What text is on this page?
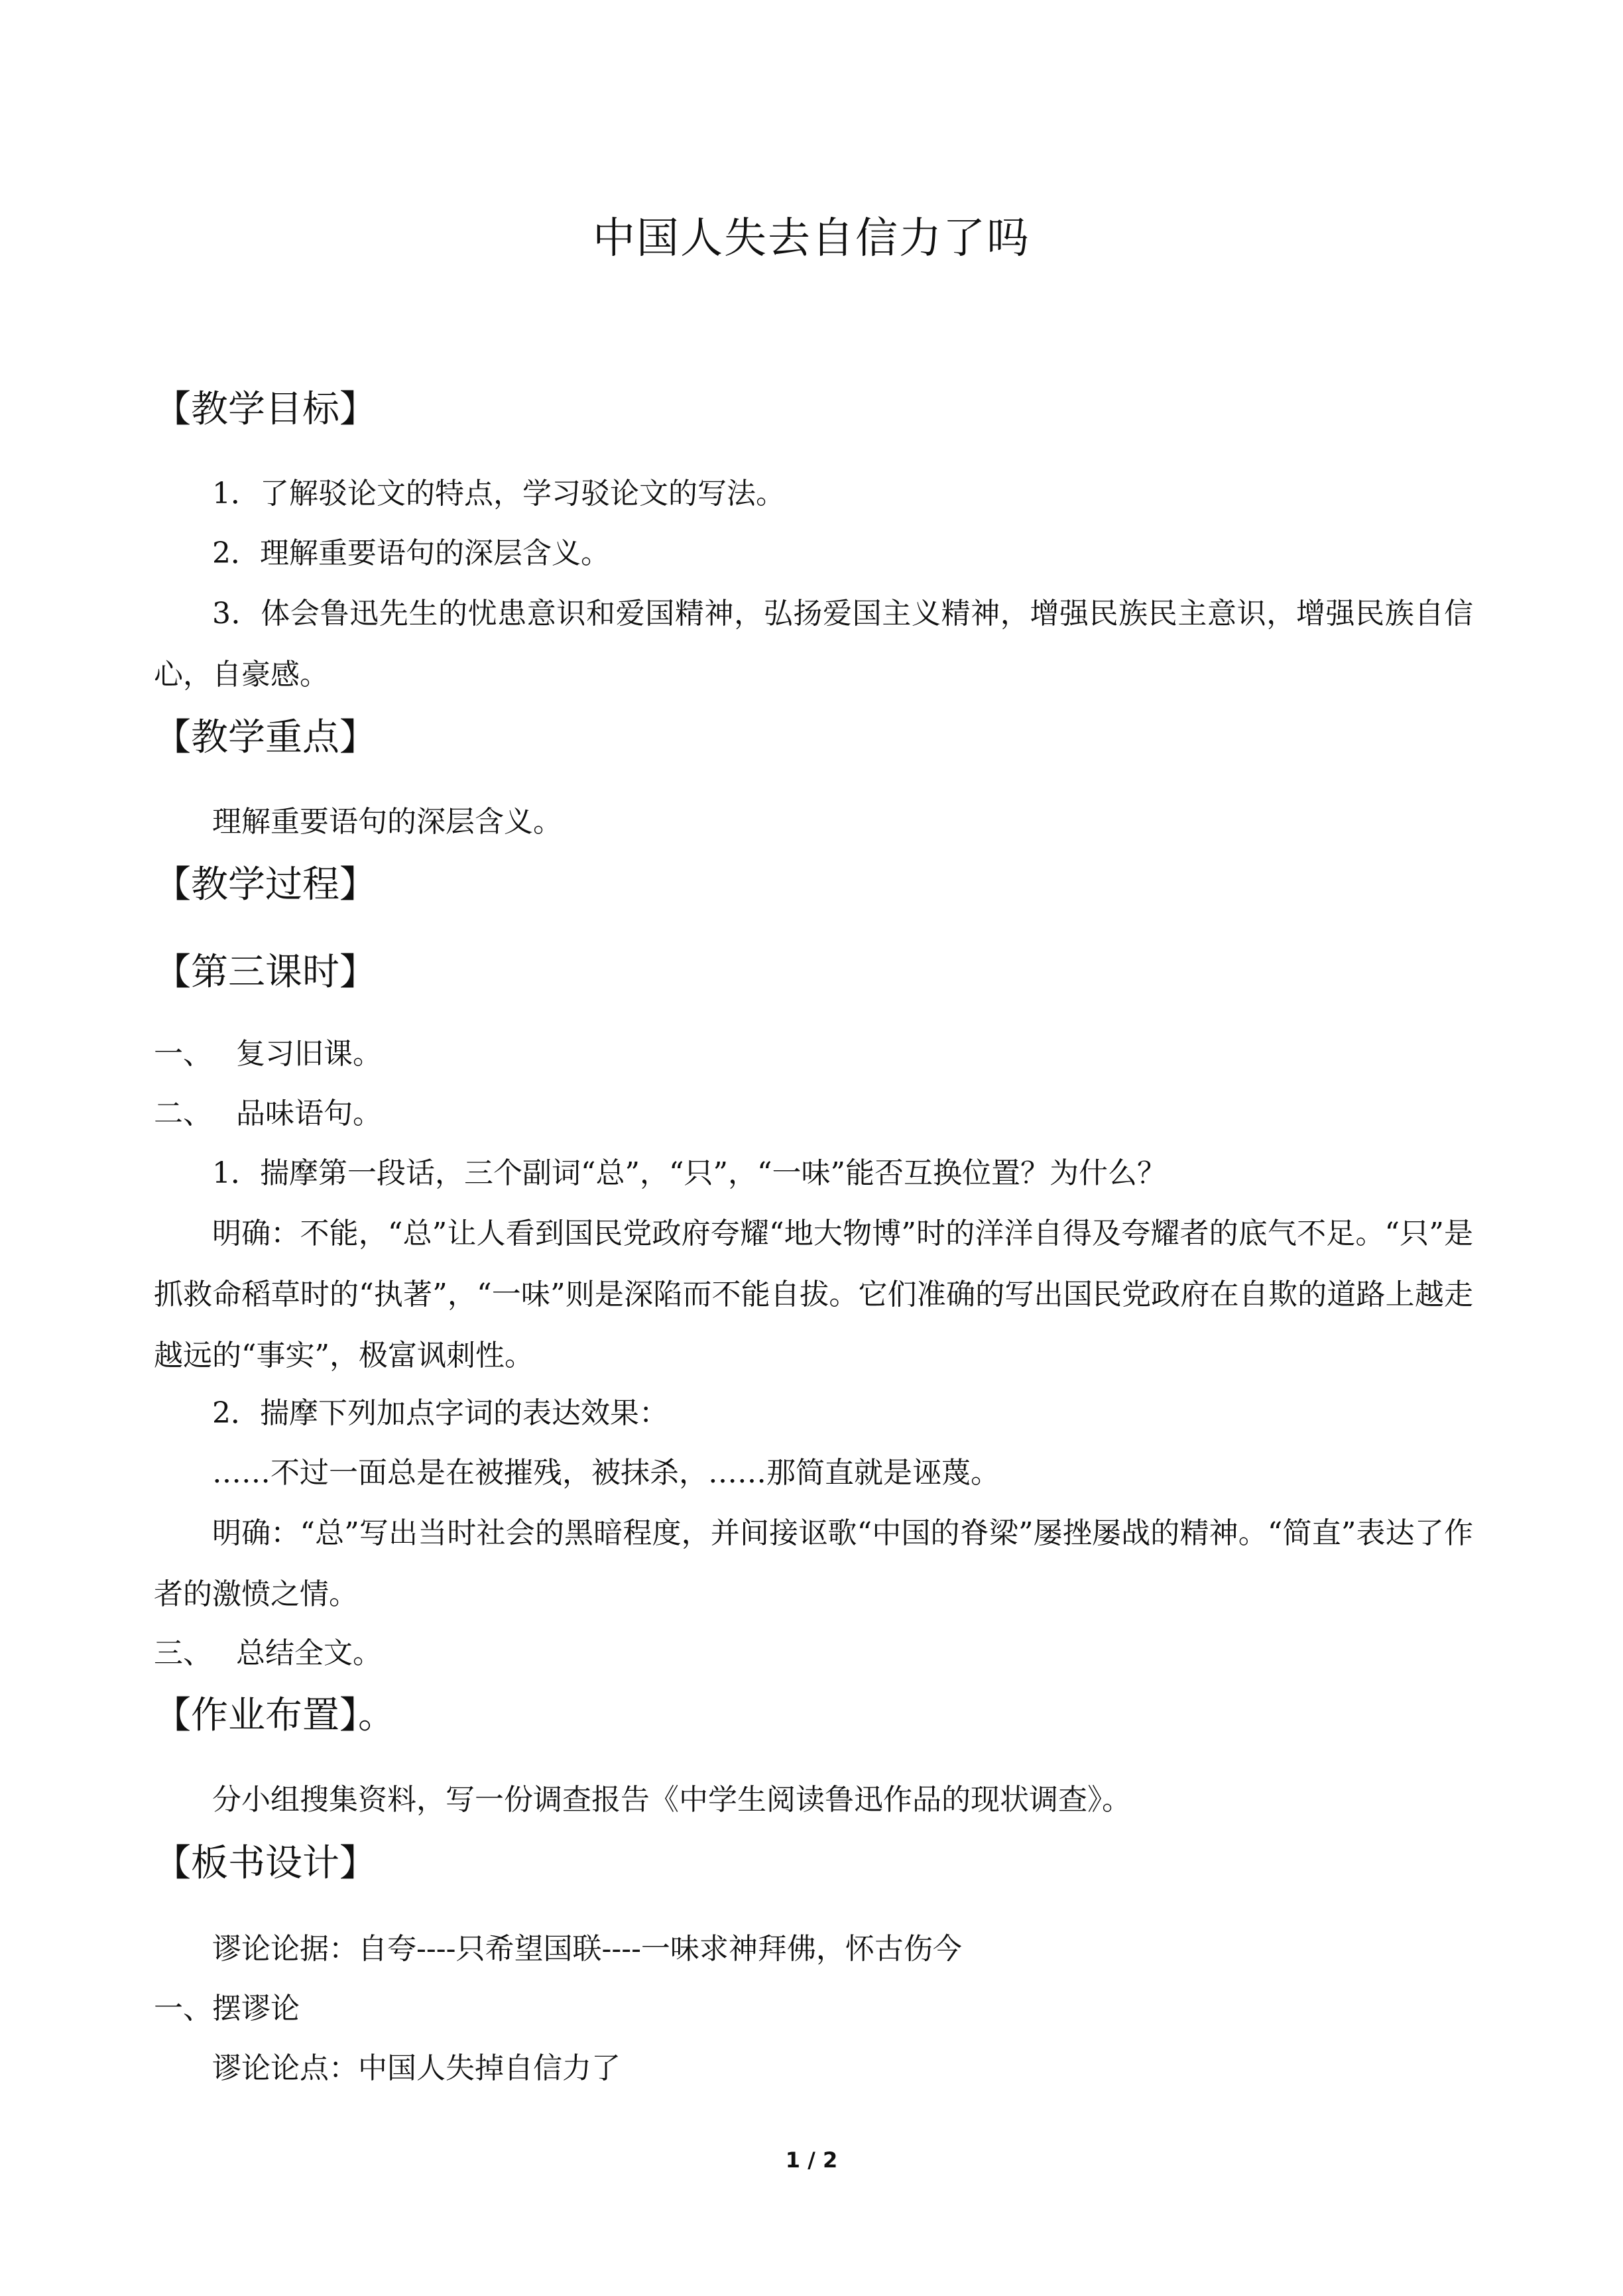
中国人失去自信力了吗
【教学目标】
1．了解驳论文的特点，学习驳论文的写法。
2．理解重要语句的深层含义。
3．体会鲁迅先生的忧患意识和爱国精神，弘扬爱国主义精神，增强民族民主意识，增强民族自信心，自豪感。
【教学重点】
理解重要语句的深层含义。
【教学过程】
【第三课时】
一、 复习旧课。
二、 品味语句。
1．揣摩第一段话，三个副词“总”，“只”，“一味”能否互换位置？为什么？
明确：不能，“总”让人看到国民党政府夸耀“地大物博”时的洋洋自得及夸耀者的底气不足。“只”是抓救命稻草时的“执著”，“一味”则是深陷而不能自拔。它们准确的写出国民党政府在自欺的道路上越走越远的“事实”，极富讽刺性。
2．揣摩下列加点字词的表达效果：
……不过一面总是在被摧残，被抹杀，……那简直就是诬蔑。
明确：“总”写出当时社会的黑暗程度，并间接讴歌“中国的脊梁”屡挫屡战的精神。“简直”表达了作者的激愤之情。
三、 总结全文。
【作业布置】。
分小组搜集资料，写一份调查报告《中学生阅读鲁迅作品的现状调查》。
【板书设计】
谬论论据：自夸----只希望国联----一味求神拜佛，怀古伤今
一、摆谬论
谬论论点：中国人失掉自信力了
1 / 2
